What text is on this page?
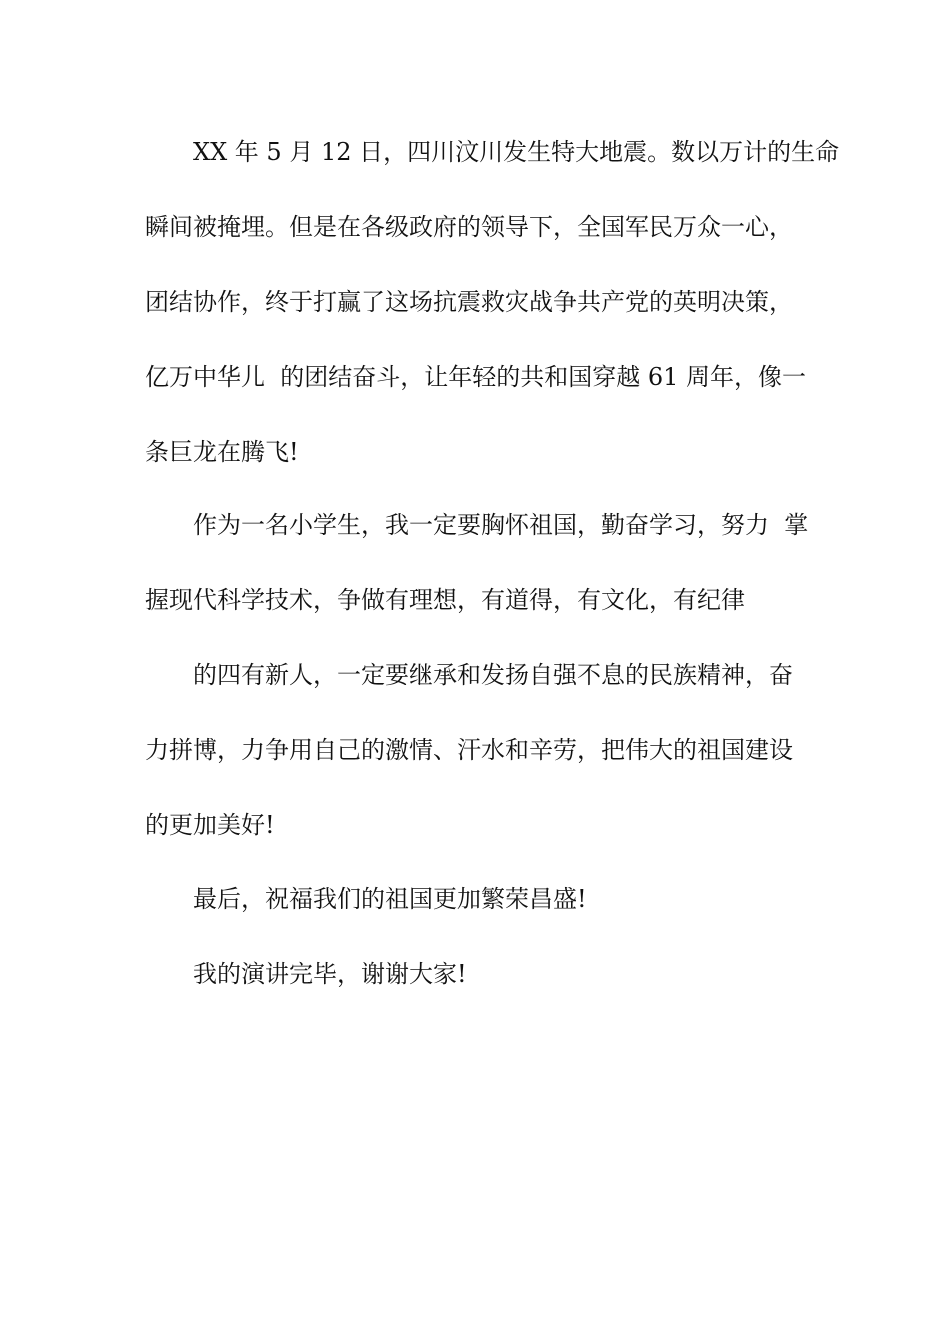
XX 年 5 月 12 日，四川汶川发生特大地震。数以万计的生命

瞬间被掩埋。但是在各级政府的领导下，全国军民万众一心，

团结协作，终于打赢了这场抗震救灾战争共产党的英明决策，

亿万中华儿  的团结奋斗，让年轻的共和国穿越 61 周年，像一

条巨龙在腾飞!

作为一名小学生，我一定要胸怀祖国，勤奋学习，努力  掌

握现代科学技术，争做有理想，有道得，有文化，有纪律

的四有新人，一定要继承和发扬自强不息的民族精神，奋

力拼博，力争用自己的激情、汗水和辛劳，把伟大的祖国建设

的更加美好!

最后，祝福我们的祖国更加繁荣昌盛!

我的演讲完毕，谢谢大家!
